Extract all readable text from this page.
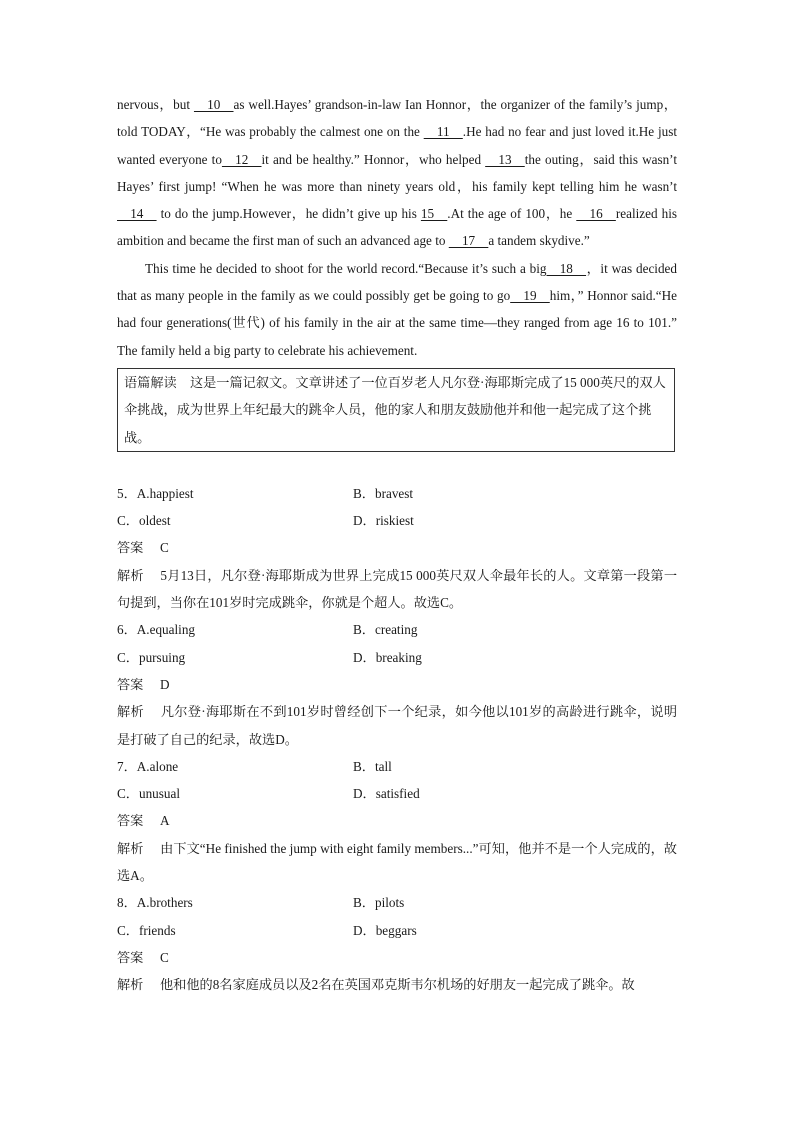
nervous，but   10  as well.Hayes’ grandson-in-law Ian Honnor，the organizer of the family’s jump，told TODAY，“He was probably the calmest one on the   11  .He had no fear and just loved it.He just wanted everyone to  12  it and be healthy.” Honnor，who helped   13  the outing，said this wasn’t Hayes’ first jump! “When he was more than ninety years old，his family kept telling him he wasn’t   14   to do the jump.However，he didn’t give up his 15  .At the age of 100，he   16  realized his ambition and became the first man of such an advanced age to   17  a tandem skydive.”

This time he decided to shoot for the world record.“Because it’s such a big  18  ，it was decided that as many people in the family as we could possibly get be going to go  19  him，” Honnor said.“He had four generations(世代) of his family in the air at the same time—they ranged from age 16 to 101.” The family held a big party to celebrate his achievement.

语篇解读  这是一篇记叙文。文章讲述了一位百岁老人凡尔登·海耶斯完成了15 000英尺的双人伞挑战，成为世界上年纪最大的跳伞人员，他的家人和朋友鼓励他并和他一起完成了这个挑战。
5．A.happiest	B．bravest
C．oldest	D．riskiest

答案  C

解析  5月13日，凡尔登·海耶斯成为世界上完成15 000英尺双人伞最年长的人。文章第一段第一句提到，当你在101岁时完成跳伞，你就是个超人。故选C。

6．A.equaling	B．creating
C．pursuing	D．breaking

答案  D

解析  凡尔登·海耶斯在不到101岁时曾经创下一个纪录，如今他以101岁的高龄进行跳伞，说明是打破了自己的纪录，故选D。

7．A.alone	B．tall
C．unusual	D．satisfied

答案  A

解析  由下文“He finished the jump with eight family members...”可知，他并不是一个人完成的，故选A。

8．A.brothers	B．pilots
C．friends	D．beggars

答案  C

解析  他和他的8名家庭成员以及2名在英国邓克斯韦尔机场的好朋友一起完成了跳伞。故
